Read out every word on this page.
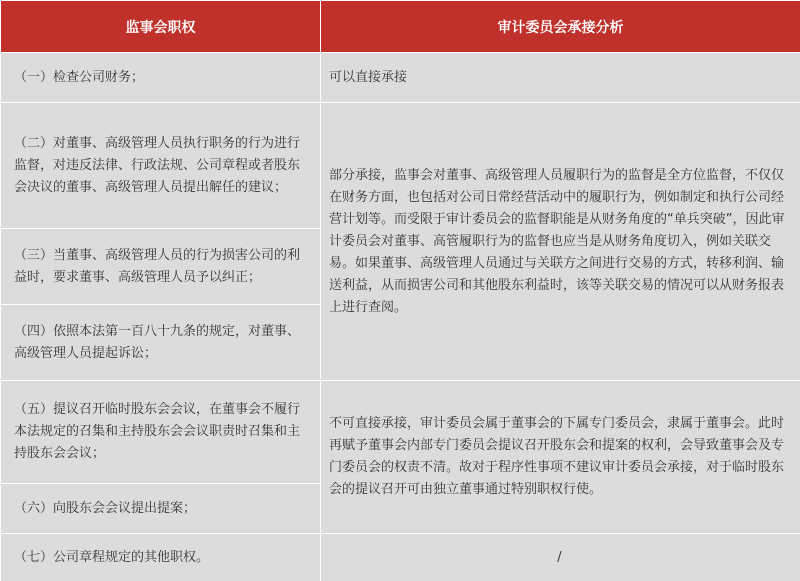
监事会职权	审计委员会承接分析
（一）检查公司财务；	可以直接承接
（二）对董事、高级管理人员执行职务的行为进行监督，对违反法律、行政法规、公司章程或者股东会决议的董事、高级管理人员提出解任的建议；	部分承接，监事会对董事、高级管理人员履职行为的监督是全方位监督，不仅仅在财务方面，也包括对公司日常经营活动中的履职行为，例如制定和执行公司经营计划等。而受限于审计委员会的监督职能是从财务角度的“单兵突破”，因此审计委员会对董事、高管履职行为的监督也应当是从财务角度切入，例如关联交易。如果董事、高级管理人员通过与关联方之间进行交易的方式，转移利润、输送利益，从而损害公司和其他股东利益时，该等关联交易的情况可以从财务报表上进行查阅。
（三）当董事、高级管理人员的行为损害公司的利益时，要求董事、高级管理人员予以纠正；	
（四）依照本法第一百八十九条的规定，对董事、高级管理人员提起诉讼；	
（五）提议召开临时股东会会议，在董事会不履行本法规定的召集和主持股东会会议职责时召集和主持股东会会议；	不可直接承接，审计委员会属于董事会的下属专门委员会，隶属于董事会。此时再赋予董事会内部专门委员会提议召开股东会和提案的权利，会导致董事会及专门委员会的权责不清。故对于程序性事项不建议审计委员会承接，对于临时股东会的提议召开可由独立董事通过特别职权行使。
（六）向股东会会议提出提案；	
（七）公司章程规定的其他职权。	/
